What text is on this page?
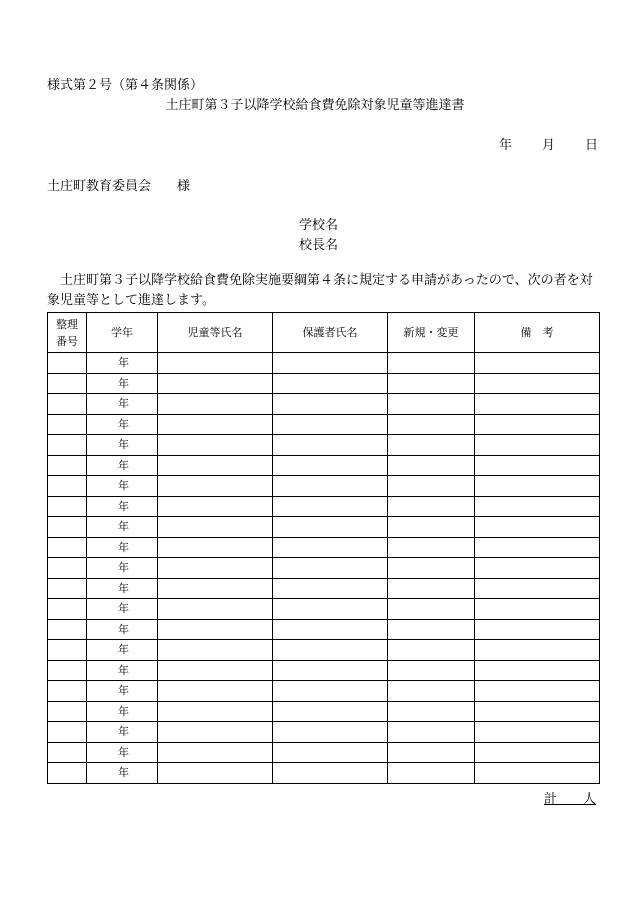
様式第２号（第４条関係）
土庄町第３子以降学校給食費免除対象児童等進達書
年 月 日
土庄町教育委員会　　様
学校名
校長名
土庄町第３子以降学校給食費免除実施要綱第４条に規定する申請があったので、次の者を対象児童等として進達します。
整理
番号	学年	児童等氏名	保護者氏名	新規・変更	備　考
	年				
	年				
	年				
	年				
	年				
	年				
	年				
	年				
	年				
	年				
	年				
	年				
	年				
	年				
	年				
	年				
	年				
	年				
	年				
	年				
	年				
計　　人
